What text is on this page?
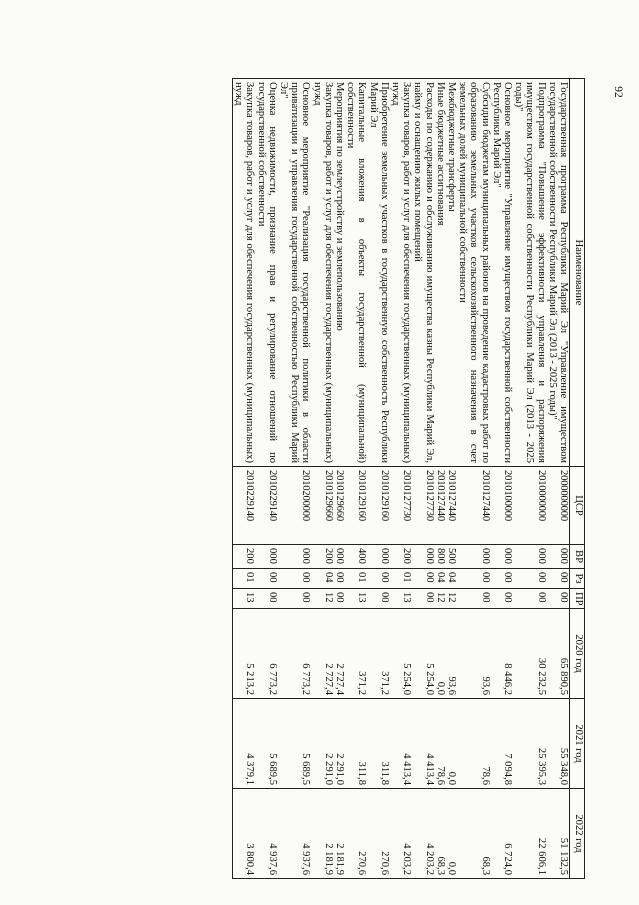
92
Наименование	ЦСР	ВР	Рз	ПР	2020 год	2021 год	2022 год
Государственная программа Республики Марий Эл "Управление имуществом государственной собственности Республики Марий Эл (2013 - 2025 годы)"	2000000000	000	00	00	65 890,5	55 348,0	51 132,5
Подпрограмма "Повышение эффективности управления и распоряжения имуществом государственной собственности Республики Марий Эл (2013 - 2025 годы)"	2010000000	000	00	00	30 232,5	25 395,3	22 606,1
Основное мероприятие "Управление имуществом государственной собственности Республики Марий Эл"	2010100000	000	00	00	8 446,2	7 094,8	6 724,0
Субсидии бюджетам муниципальных районов на проведение кадастровых работ по образованию земельных участков сельскохозяйственного назначения в счет земельных долей муниципальной собственности	2010127440	000	00	00	93,6	78,6	68,3
Межбюджетные трансферты	2010127440	500	04	12	93,6	0,0	0,0
Иные бюджетные ассигнования	2010127440	800	04	12	0,0	78,6	68,3
Расходы по содержанию и обслуживанию имущества казны Республики Марий Эл, найму и оснащению жилых помещений	2010127730	000	00	00	5 254,0	4 413,4	4 203,2
Закупка товаров, работ и услуг для обеспечения государственных (муниципальных) нужд	2010127730	200	01	13	5 254,0	4 413,4	4 203,2
Приобретение земельных участков в государственную собственность Республики Марий Эл	2010129160	000	00	00	371,2	311,8	270,6
Капитальные вложения в объекты государственной (муниципальной) собственности	2010129160	400	01	13	371,2	311,8	270,6
Мероприятия по землеустройству и землепользованию	2010129660	000	00	00	2 727,4	2 291,0	2 181,9
Закупка товаров, работ и услуг для обеспечения государственных (муниципальных) нужд	2010129660	200	04	12	2 727,4	2 291,0	2 181,9
Основное мероприятие "Реализация государственной политики в области приватизации и управления государственной собственностью Республики Марий Эл"	2010200000	000	00	00	6 773,2	5 689,5	4 937,6
Оценка недвижимости, признание прав и регулирование отношений по государственной собственности	2010229140	000	00	00	6 773,2	5 689,5	4 937,6
Закупка товаров, работ и услуг для обеспечения государственных (муниципальных) нужд	2010229140	200	01	13	5 213,2	4 379,1	3 800,4
